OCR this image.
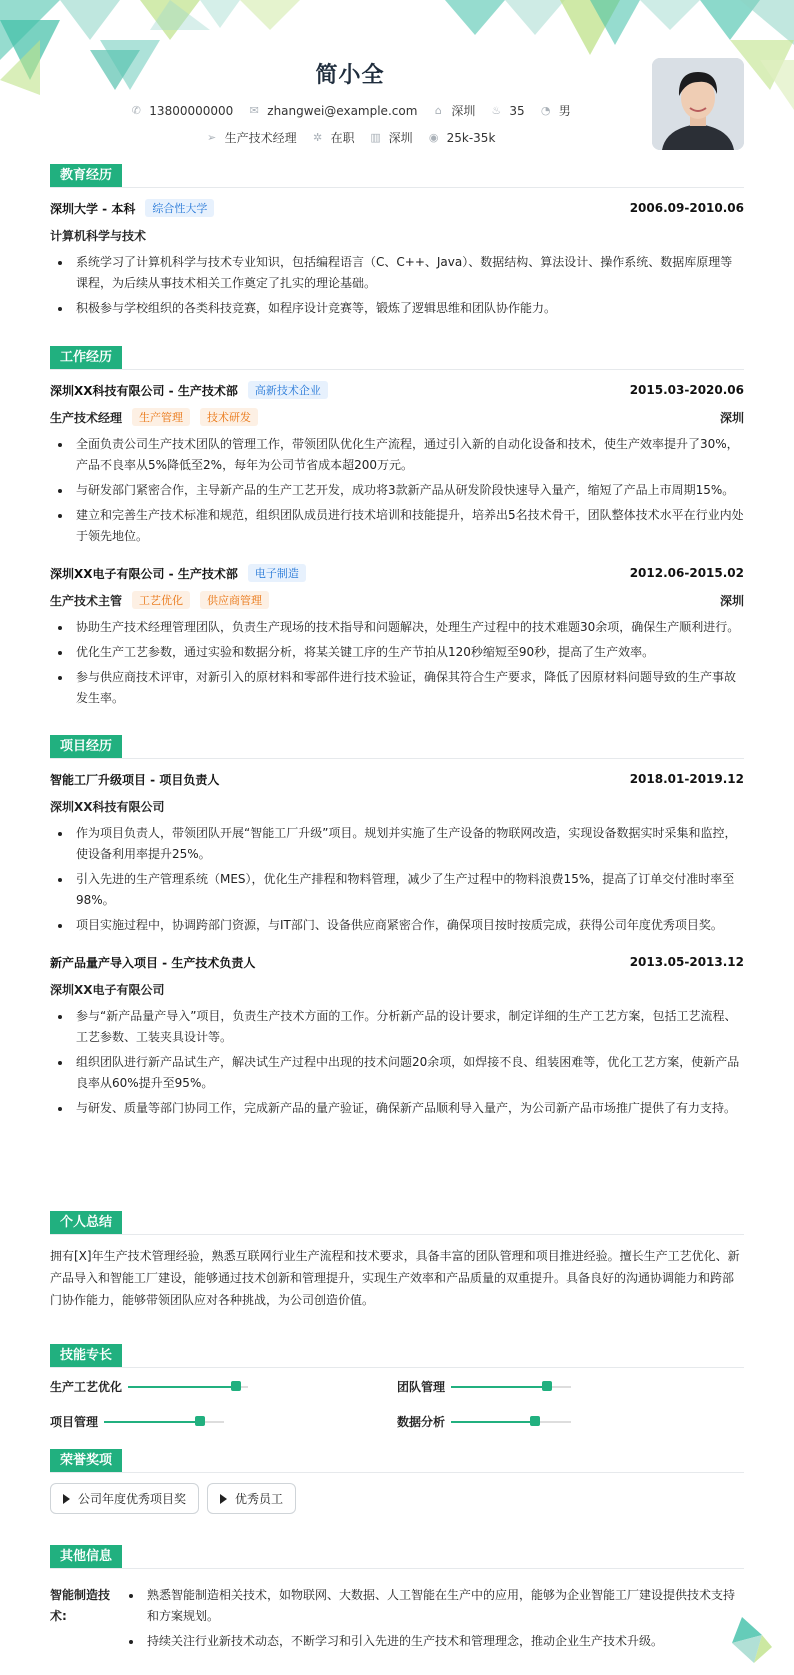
简小全
✆ 13800000000 ✉ zhangwei@example.com	⌂ 深圳 ♨ 35 ◔ 男
➢ 生产技术经理 ✲ 在职 ▥ 深圳 ◉ 25k-35k
教育经历
深圳大学 - 本科	综合性大学	2006.09-2010.06
计算机科学与技术
• 系统学习了计算机科学与技术专业知识，包括编程语言（C、C++、Java）、数据结构、算法设计、操作系统、数据库原理等课程，为后续从事技术相关工作奠定了扎实的理论基础。
• 积极参与学校组织的各类科技竞赛，如程序设计竞赛等，锻炼了逻辑思维和团队协作能力。
工作经历
深圳XX科技有限公司 - 生产技术部	高新技术企业	2015.03-2020.06
生产技术经理	生产管理	技术研发	深圳
• 全面负责公司生产技术团队的管理工作，带领团队优化生产流程，通过引入新的自动化设备和技术，使生产效率提升了30%，产品不良率从5%降低至2%，每年为公司节省成本超200万元。
• 与研发部门紧密合作，主导新产品的生产工艺开发，成功将3款新产品从研发阶段快速导入量产，缩短了产品上市周期15%。
• 建立和完善生产技术标准和规范，组织团队成员进行技术培训和技能提升，培养出5名技术骨干，团队整体技术水平在行业内处于领先地位。
深圳XX电子有限公司 - 生产技术部	电子制造	2012.06-2015.02
生产技术主管	工艺优化	供应商管理	深圳
• 协助生产技术经理管理团队，负责生产现场的技术指导和问题解决，处理生产过程中的技术难题30余项，确保生产顺利进行。
• 优化生产工艺参数，通过实验和数据分析，将某关键工序的生产节拍从120秒缩短至90秒，提高了生产效率。
• 参与供应商技术评审，对新引入的原材料和零部件进行技术验证，确保其符合生产要求，降低了因原材料问题导致的生产事故发生率。
项目经历
智能工厂升级项目 - 项目负责人	2018.01-2019.12
深圳XX科技有限公司
• 作为项目负责人，带领团队开展“智能工厂升级”项目。规划并实施了生产设备的物联网改造，实现设备数据实时采集和监控，使设备利用率提升25%。
• 引入先进的生产管理系统（MES），优化生产排程和物料管理，减少了生产过程中的物料浪费15%，提高了订单交付准时率至98%。
• 项目实施过程中，协调跨部门资源，与IT部门、设备供应商紧密合作，确保项目按时按质完成，获得公司年度优秀项目奖。
新产品量产导入项目 - 生产技术负责人	2013.05-2013.12
深圳XX电子有限公司
• 参与“新产品量产导入”项目，负责生产技术方面的工作。分析新产品的设计要求，制定详细的生产工艺方案，包括工艺流程、工艺参数、工装夹具设计等。
• 组织团队进行新产品试生产，解决试生产过程中出现的技术问题20余项，如焊接不良、组装困难等，优化工艺方案，使新产品良率从60%提升至95%。
• 与研发、质量等部门协同工作，完成新产品的量产验证，确保新产品顺利导入量产，为公司新产品市场推广提供了有力支持。
个人总结
拥有[X]年生产技术管理经验，熟悉互联网行业生产流程和技术要求，具备丰富的团队管理和项目推进经验。擅长生产工艺优化、新产品导入和智能工厂建设，能够通过技术创新和管理提升，实现生产效率和产品质量的双重提升。具备良好的沟通协调能力和跨部门协作能力，能够带领团队应对各种挑战，为公司创造价值。
技能专长
生产工艺优化	团队管理
项目管理	数据分析
荣誉奖项
公司年度优秀项目奖	优秀员工
其他信息
智能制造技术:
• 熟悉智能制造相关技术，如物联网、大数据、人工智能在生产中的应用，能够为企业智能工厂建设提供技术支持和方案规划。
• 持续关注行业新技术动态，不断学习和引入先进的生产技术和管理理念，推动企业生产技术升级。
